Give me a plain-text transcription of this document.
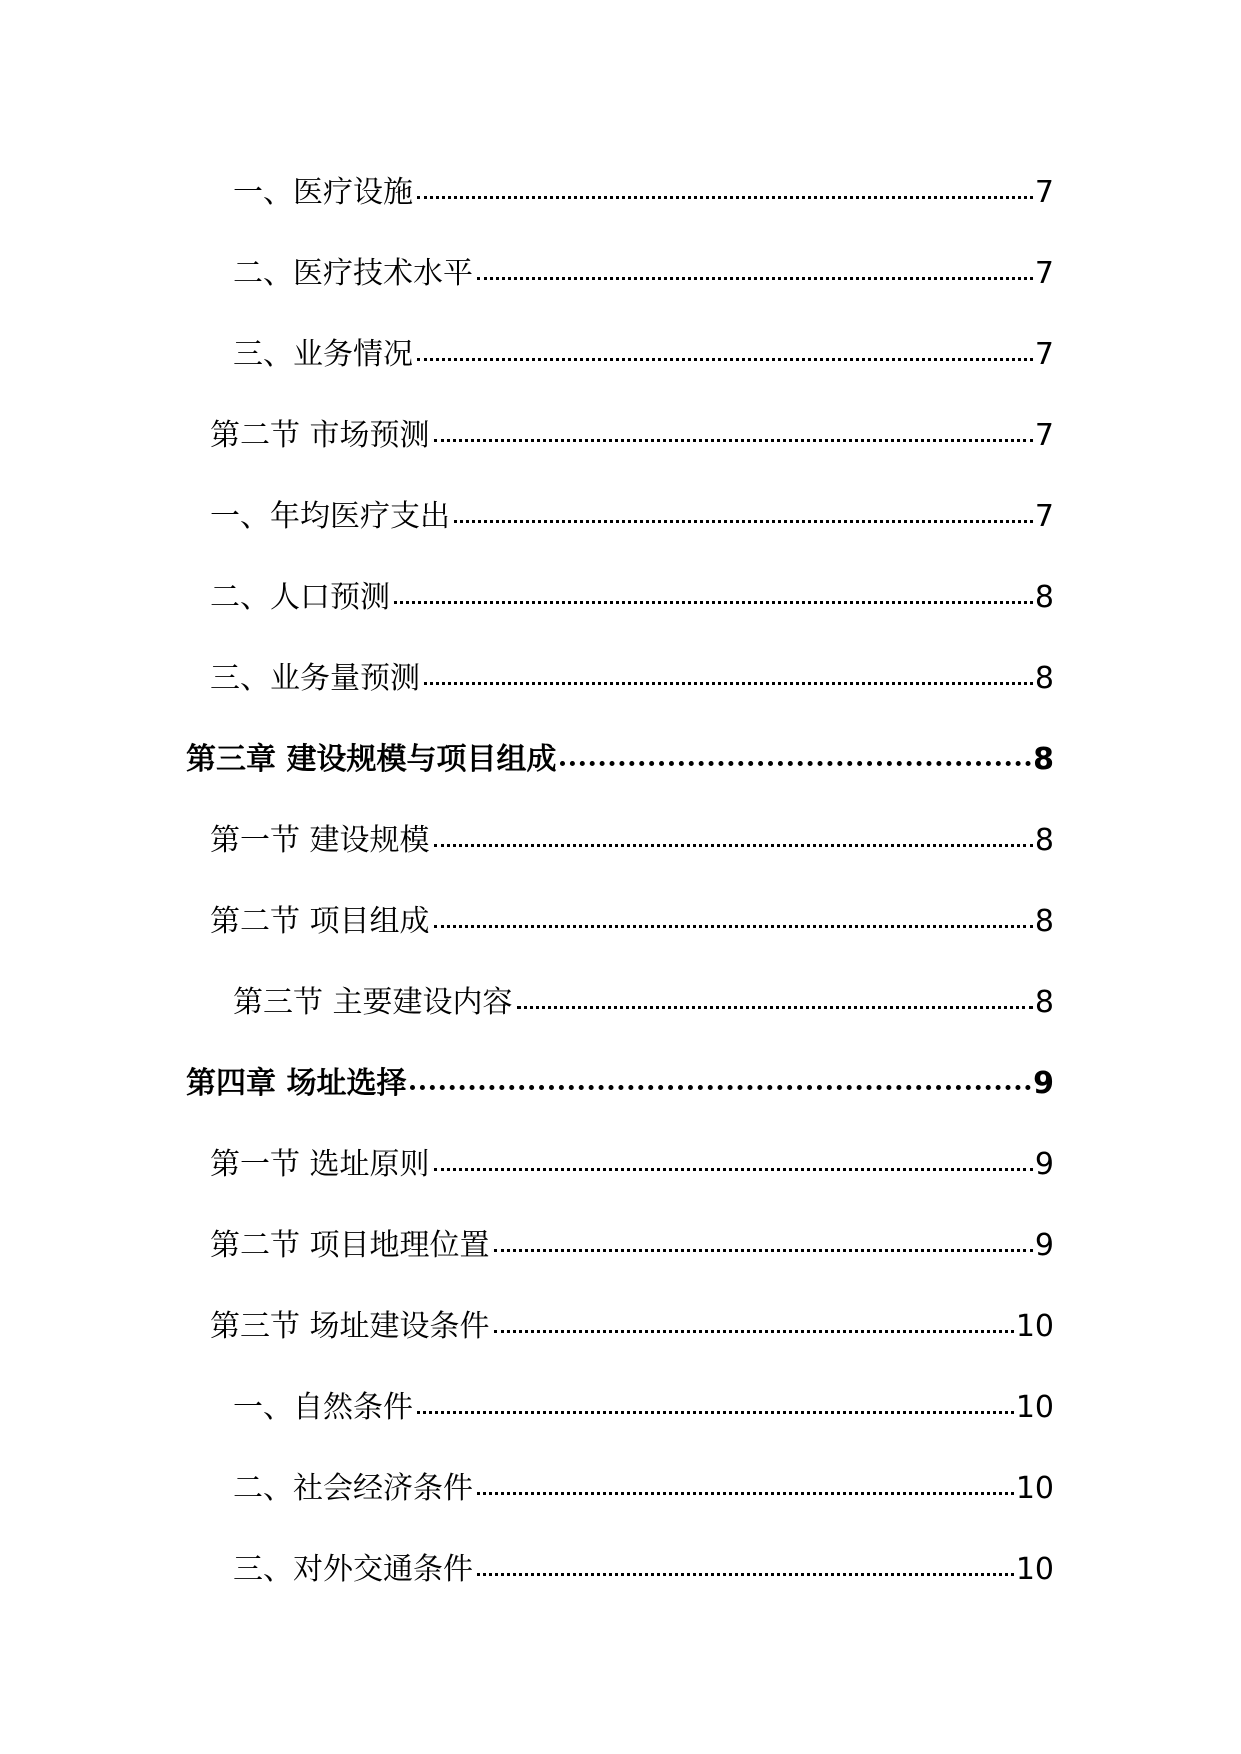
一、医疗设施	7
二、医疗技术水平	7
三、业务情况	7
第二节 市场预测	7
一、年均医疗支出	7
二、人口预测	8
三、业务量预测	8
第三章 建设规模与项目组成	8
第一节 建设规模	8
第二节 项目组成	8
第三节 主要建设内容	8
第四章 场址选择	9
第一节 选址原则	9
第二节 项目地理位置	9
第三节 场址建设条件	10
一、自然条件	10
二、社会经济条件	10
三、对外交通条件	10
